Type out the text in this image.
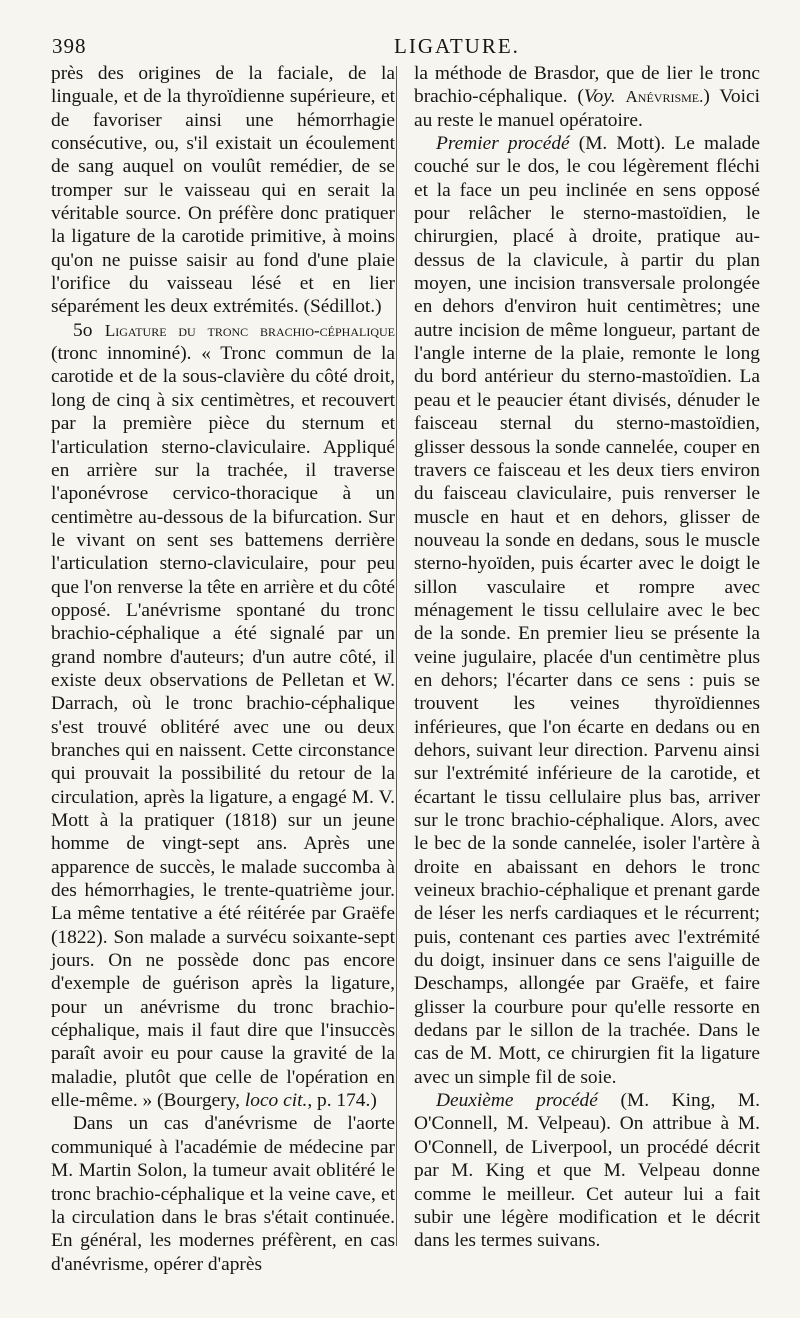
398	LIGATURE.

près des origines de la faciale, de la linguale, et de la thyroïdienne supérieure, et de favoriser ainsi une hémorrhagie consécutive, ou, s'il existait un écoulement de sang auquel on voulût remédier, de se tromper sur le vaisseau qui en serait la véritable source. On préfère donc pratiquer la ligature de la carotide primitive, à moins qu'on ne puisse saisir au fond d'une plaie l'orifice du vaisseau lésé et en lier séparément les deux extrémités. (Sédillot.)

5o Ligature du tronc brachio-céphalique (tronc innominé). « Tronc commun de la carotide et de la sous-clavière du côté droit, long de cinq à six centimètres, et recouvert par la première pièce du sternum et l'articulation sterno-claviculaire. Appliqué en arrière sur la trachée, il traverse l'aponévrose cervico-thoracique à un centimètre au-dessous de la bifurcation. Sur le vivant on sent ses battemens derrière l'articulation sterno-claviculaire, pour peu que l'on renverse la tête en arrière et du côté opposé. L'anévrisme spontané du tronc brachio-céphalique a été signalé par un grand nombre d'auteurs; d'un autre côté, il existe deux observations de Pelletan et W. Darrach, où le tronc brachio-céphalique s'est trouvé oblitéré avec une ou deux branches qui en naissent. Cette circonstance qui prouvait la possibilité du retour de la circulation, après la ligature, a engagé M. V. Mott à la pratiquer (1818) sur un jeune homme de vingt-sept ans. Après une apparence de succès, le malade succomba à des hémorrhagies, le trente-quatrième jour. La même tentative a été réitérée par Graëfe (1822). Son malade a survécu soixante-sept jours. On ne possède donc pas encore d'exemple de guérison après la ligature, pour un anévrisme du tronc brachio-céphalique, mais il faut dire que l'insuccès paraît avoir eu pour cause la gravité de la maladie, plutôt que celle de l'opération en elle-même. » (Bourgery, loco cit., p. 174.)

Dans un cas d'anévrisme de l'aorte communiqué à l'académie de médecine par M. Martin Solon, la tumeur avait oblitéré le tronc brachio-céphalique et la veine cave, et la circulation dans le bras s'était continuée. En général, les modernes préfèrent, en cas d'anévrisme, opérer d'après

la méthode de Brasdor, que de lier le tronc brachio-céphalique. (Voy. Anévrisme.) Voici au reste le manuel opératoire.

Premier procédé (M. Mott). Le malade couché sur le dos, le cou légèrement fléchi et la face un peu inclinée en sens opposé pour relâcher le sterno-mastoïdien, le chirurgien, placé à droite, pratique au-dessus de la clavicule, à partir du plan moyen, une incision transversale prolongée en dehors d'environ huit centimètres; une autre incision de même longueur, partant de l'angle interne de la plaie, remonte le long du bord antérieur du sterno-mastoïdien. La peau et le peaucier étant divisés, dénuder le faisceau sternal du sterno-mastoïdien, glisser dessous la sonde cannelée, couper en travers ce faisceau et les deux tiers environ du faisceau claviculaire, puis renverser le muscle en haut et en dehors, glisser de nouveau la sonde en dedans, sous le muscle sterno-hyoïden, puis écarter avec le doigt le sillon vasculaire et rompre avec ménagement le tissu cellulaire avec le bec de la sonde. En premier lieu se présente la veine jugulaire, placée d'un centimètre plus en dehors; l'écarter dans ce sens : puis se trouvent les veines thyroïdiennes inférieures, que l'on écarte en dedans ou en dehors, suivant leur direction. Parvenu ainsi sur l'extrémité inférieure de la carotide, et écartant le tissu cellulaire plus bas, arriver sur le tronc brachio-céphalique. Alors, avec le bec de la sonde cannelée, isoler l'artère à droite en abaissant en dehors le tronc veineux brachio-céphalique et prenant garde de léser les nerfs cardiaques et le récurrent; puis, contenant ces parties avec l'extrémité du doigt, insinuer dans ce sens l'aiguille de Deschamps, allongée par Graëfe, et faire glisser la courbure pour qu'elle ressorte en dedans par le sillon de la trachée. Dans le cas de M. Mott, ce chirurgien fit la ligature avec un simple fil de soie.

Deuxième procédé (M. King, M. O'Connell, M. Velpeau). On attribue à M. O'Connell, de Liverpool, un procédé décrit par M. King et que M. Velpeau donne comme le meilleur. Cet auteur lui a fait subir une légère modification et le décrit dans les termes suivans.
